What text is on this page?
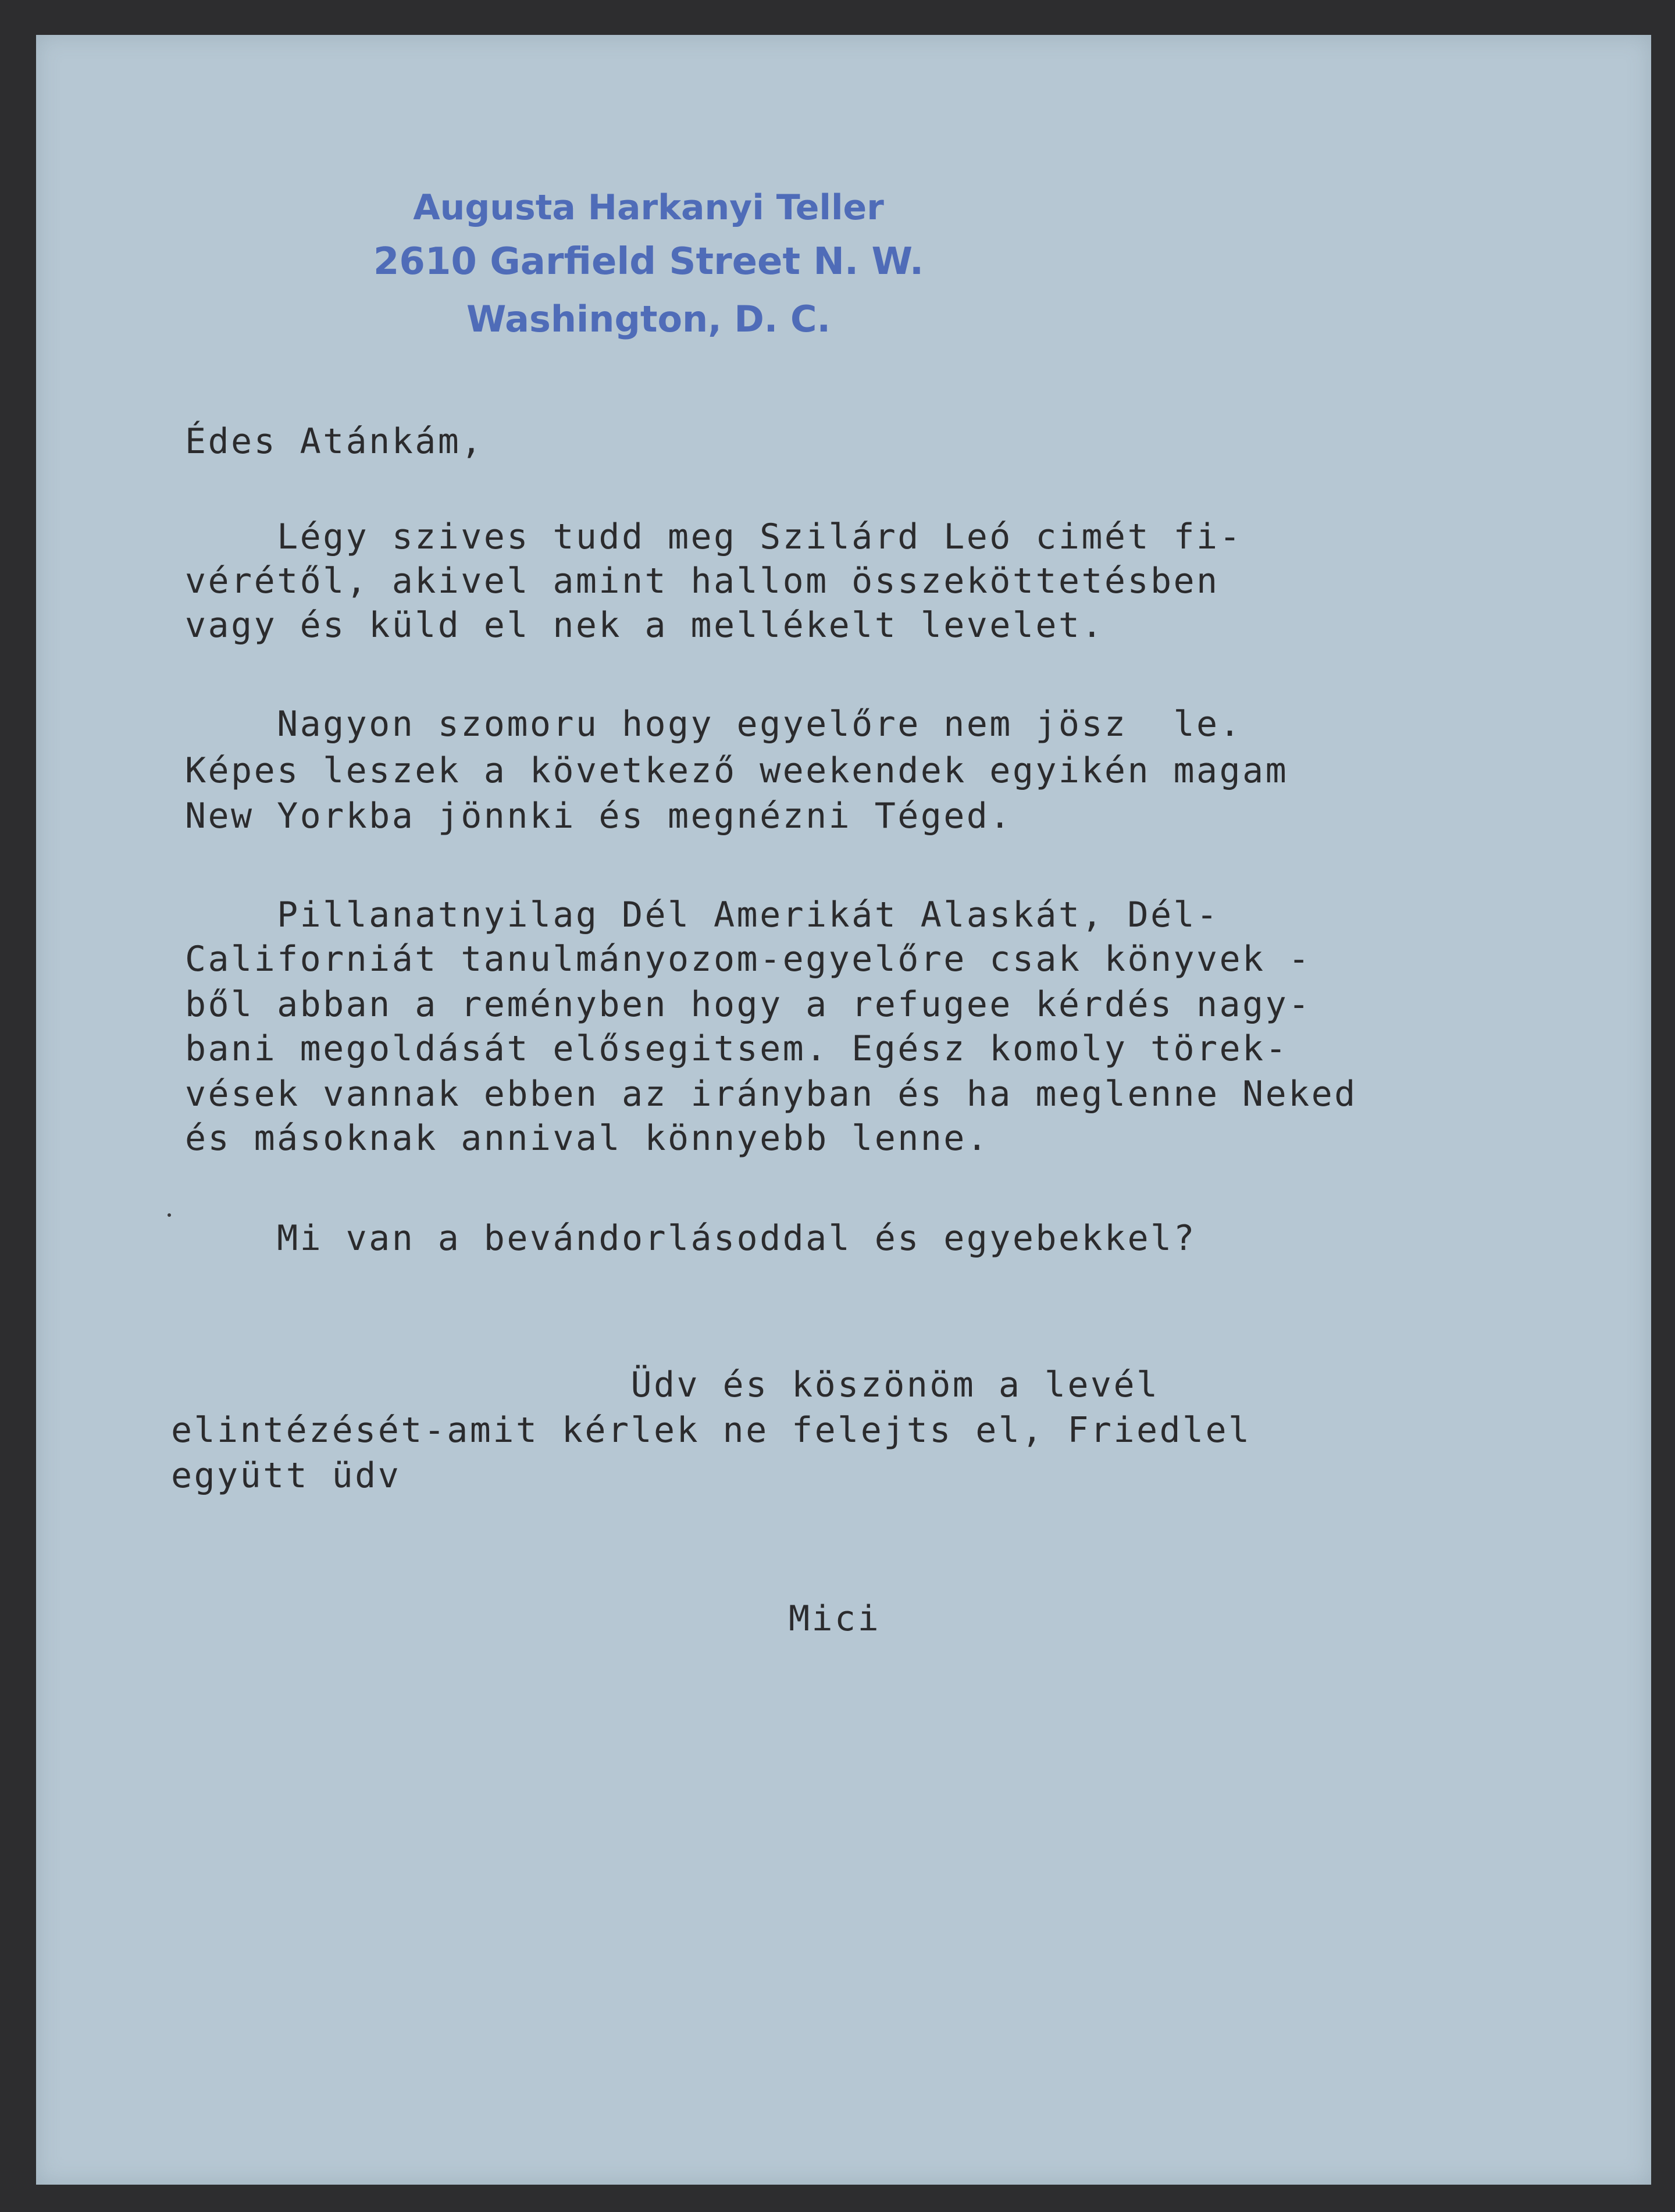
Augusta Harkanyi Teller
2610 Garfield Street N. W.
Washington, D. C.
Édes Atánkám,
Légy szives tudd meg Szilárd Leó cimét fi-
vérétől, akivel amint hallom összeköttetésben
vagy és küld el nek a mellékelt levelet.
Nagyon szomoru hogy egyelőre nem jösz  le.
Képes leszek a következő weekendek egyikén magam
New Yorkba jönnki és megnézni Téged.
Pillanatnyilag Dél Amerikát Alaskát, Dél-
Californiát tanulmányozom-egyelőre csak könyvek -
ből abban a reményben hogy a refugee kérdés nagy-
bani megoldását elősegitsem. Egész komoly törek-
vések vannak ebben az irányban és ha meglenne Neked
és másoknak annival könnyebb lenne.
Mi van a bevándorlásoddal és egyebekkel?
Üdv és köszönöm a levél
elintézését-amit kérlek ne felejts el, Friedlel
együtt üdv
Mici
